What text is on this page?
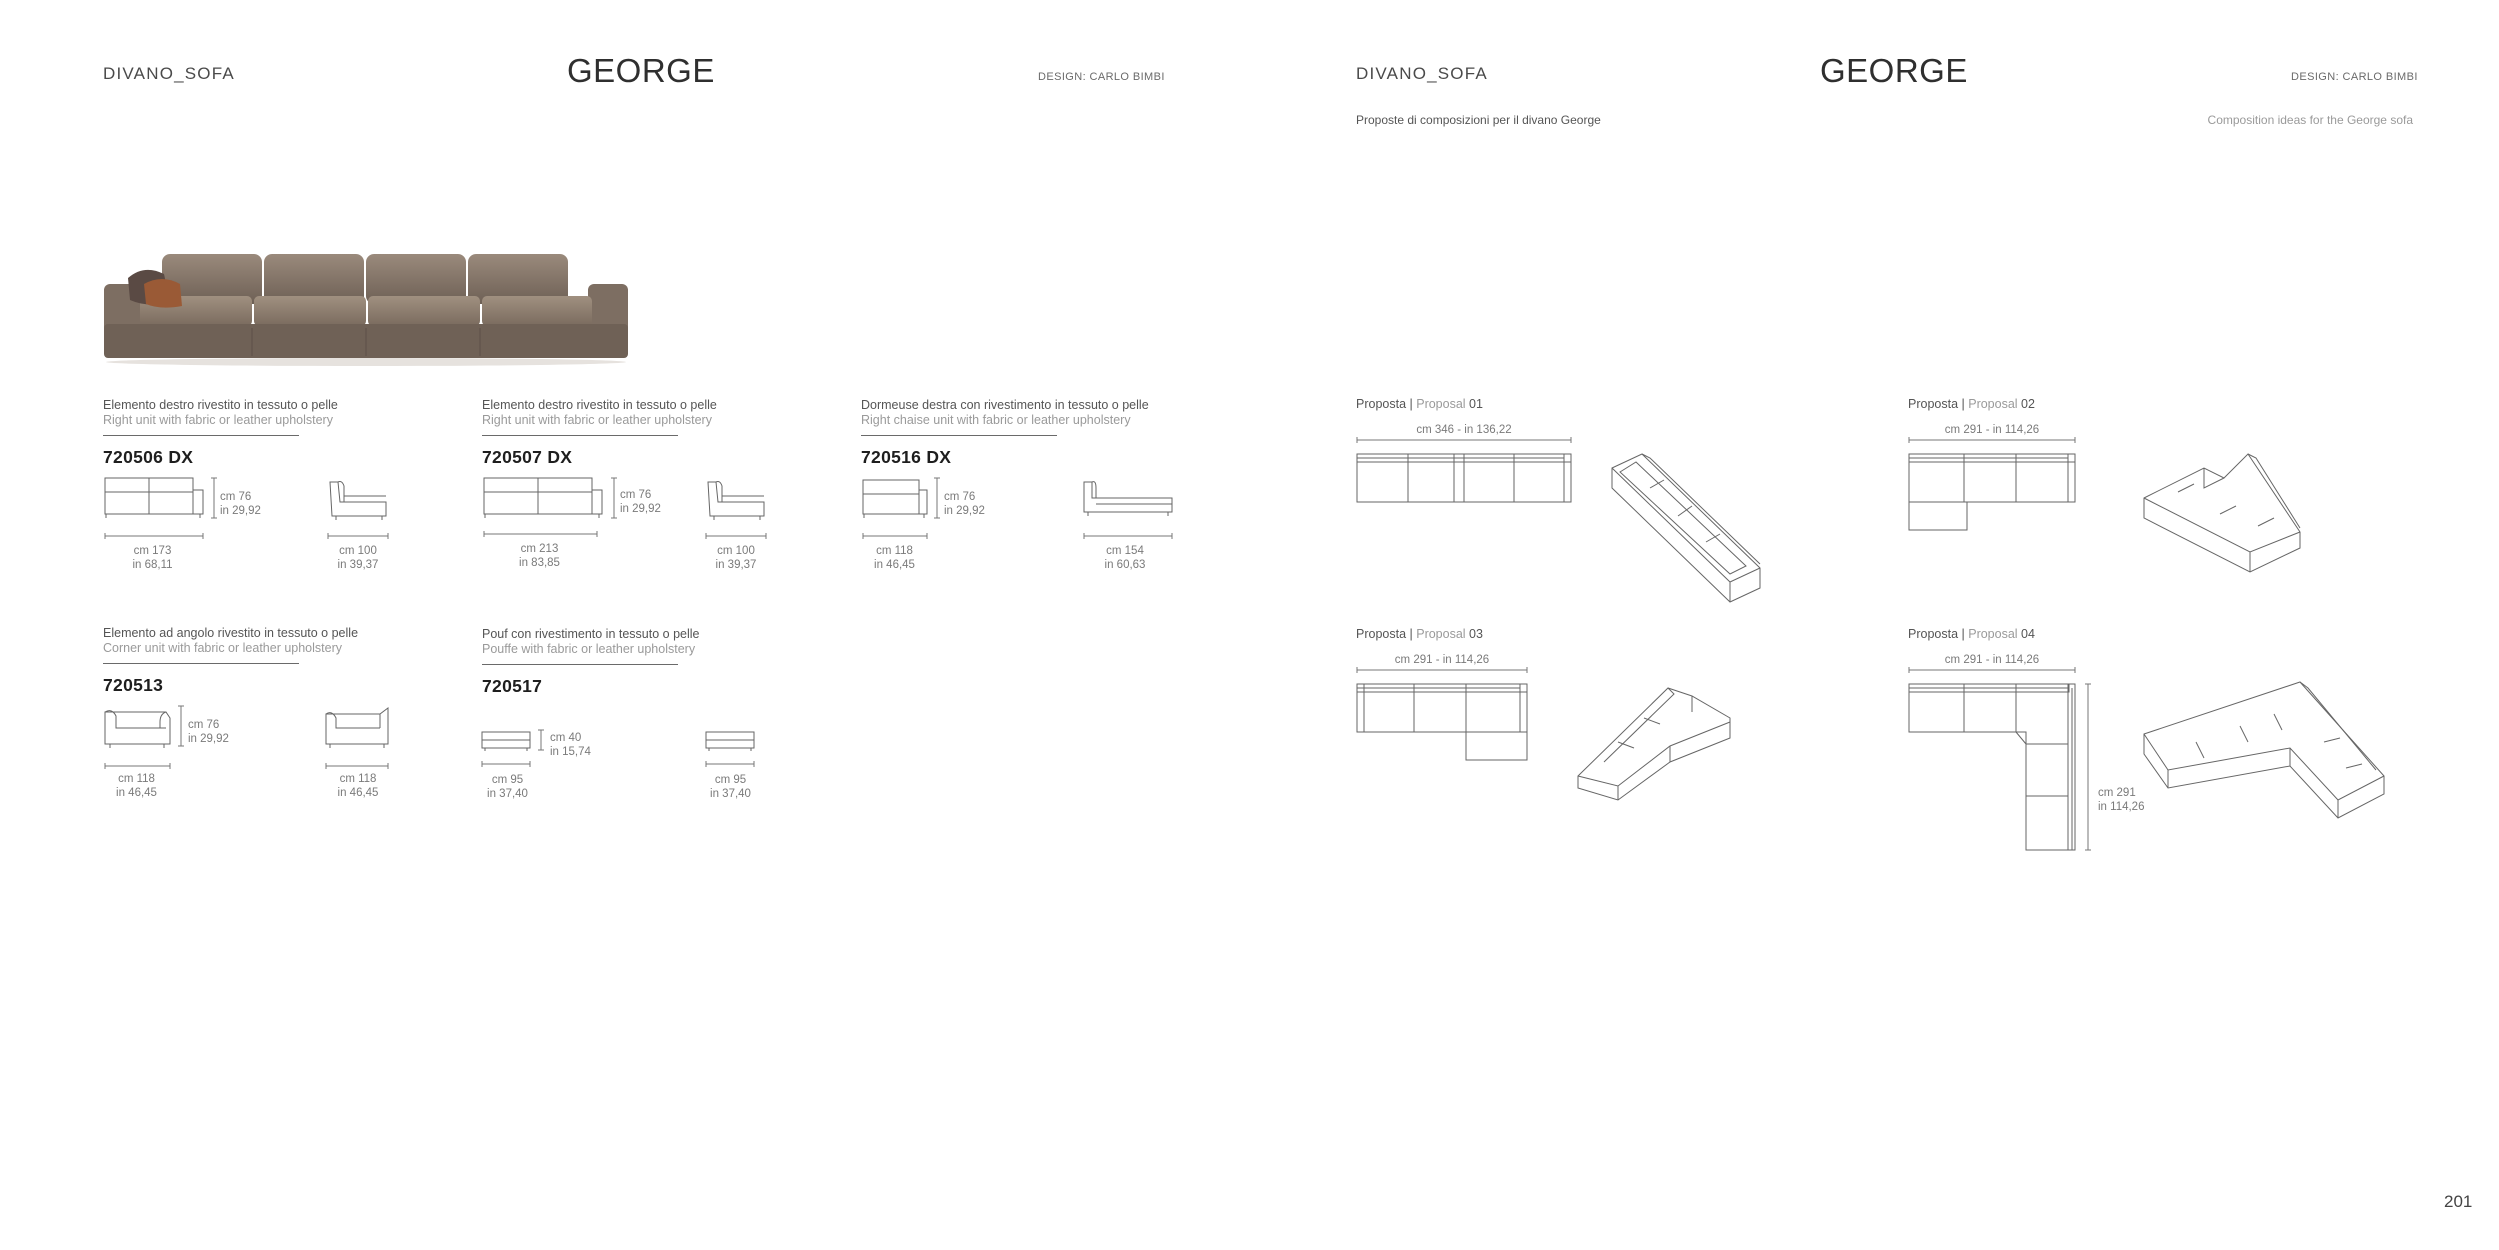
DIVANO_SOFA	GEORGE	DESIGN: CARLO BIMBI
Elemento destro rivestito in tessuto o pelle
Right unit with fabric or leather upholstery
720506 DX
cm 76
in 29,92
cm 173
in 68,11
cm 100
in 39,37
Elemento destro rivestito in tessuto o pelle
Right unit with fabric or leather upholstery
720507 DX
cm 76
in 29,92
cm 213
in 83,85
cm 100
in 39,37
Dormeuse destra con rivestimento in tessuto o pelle
Right chaise unit with fabric or leather upholstery
720516 DX
cm 76
in 29,92
cm 118
in 46,45
cm 154
in 60,63
Elemento ad angolo rivestito in tessuto o pelle
Corner unit with fabric or leather upholstery
720513
cm 76
in 29,92
cm 118
in 46,45
cm 118
in 46,45
Pouf con rivestimento in tessuto o pelle
Pouffe with fabric or leather upholstery
720517
cm 40
in 15,74
cm 95
in 37,40
cm 95
in 37,40
DIVANO_SOFA	GEORGE	DESIGN: CARLO BIMBI
Proposte di composizioni per il divano George	Composition ideas for the George sofa
Proposta | Proposal 01
cm 346 - in 136,22
Proposta | Proposal 02
cm 291 - in 114,26
Proposta | Proposal 03
cm 291 - in 114,26
Proposta | Proposal 04
cm 291 - in 114,26
cm 291
in 114,26
201
